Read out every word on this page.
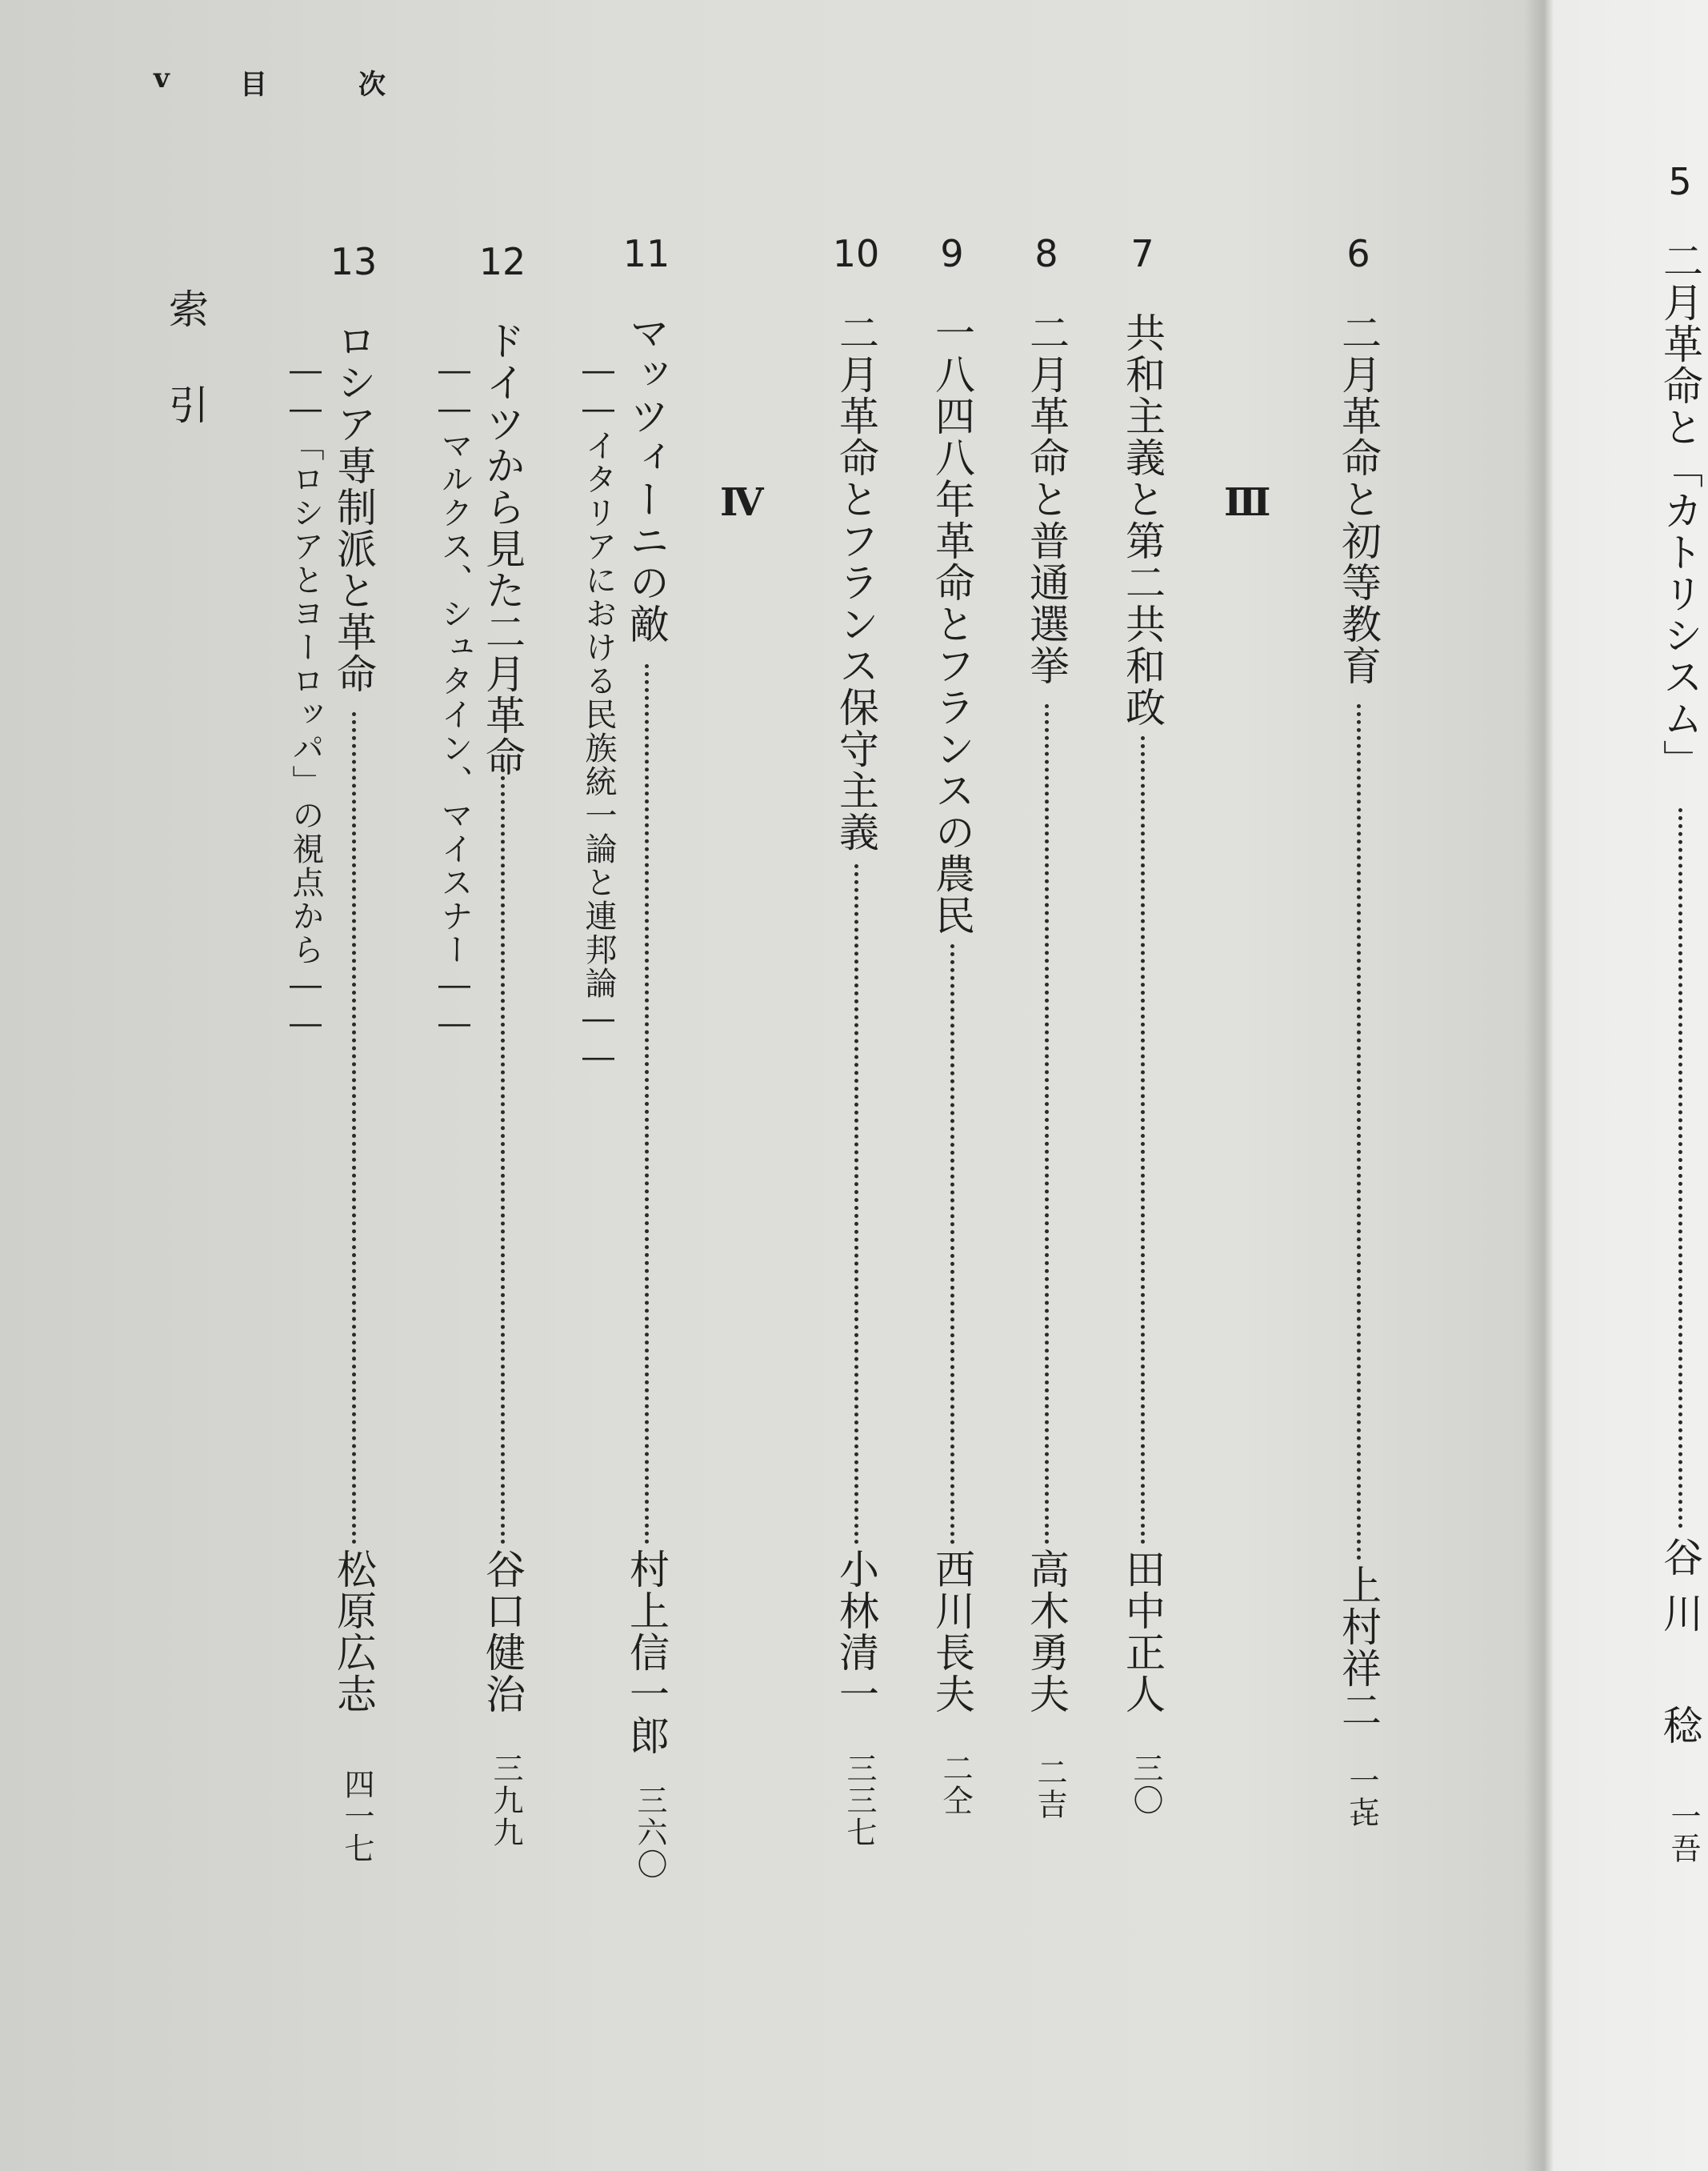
v	目　次
5
二月革命と「カトリシスム」
谷川　稔
一吾
6
二月革命と初等教育
上村祥二
一㐂
Ⅲ
7
共和主義と第二共和政
田中正人
三〇
8
二月革命と普通選挙
高木勇夫
二吉
9
一八四八年革命とフランスの農民
西川長夫
二仝
10
二月革命とフランス保守主義
小林清一
三三七
Ⅳ
11
マッツィーニの敵
――イタリアにおける民族統一論と連邦論――
村上信一郎
三六〇
12
ドイツから見た二月革命
――マルクス、シュタイン、マイスナー――
谷口健治
三九九
13
ロシア専制派と革命
――「ロシアとヨーロッパ」の視点から――
松原広志
四一七
索　引
